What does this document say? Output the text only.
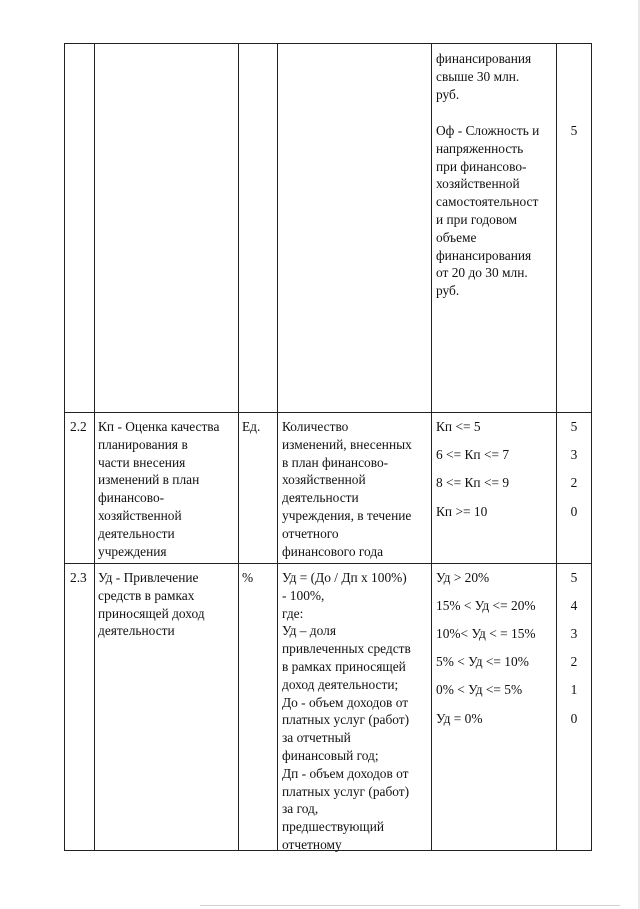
финансирования
свыше 30 млн.
руб.
Оф - Сложность и
напряженность
при финансово-
хозяйственной
самостоятельност
и при годовом
объеме
финансирования
от 20 до 30 млн.
руб.
5
2.2 Кп - Оценка качества
планирования в
части внесения
изменений в план
финансово-
хозяйственной
деятельности
учреждения
Ед.	Количество
изменений, внесенных
в план финансово-
хозяйственной
деятельности
учреждения, в течение
отчетного
финансового года
Кп <= 5
6 <= Кп <= 7
8 <= Кп <= 9
Кп >= 10
5
3
2
0
2.3 Уд - Привлечение
средств в рамках
приносящей доход
деятельности
%	Уд = (До / Дп х 100%)
- 100%,
где:
Уд – доля
привлеченных средств
в рамках приносящей
доход деятельности;
До - объем доходов от
платных услуг (работ)
за отчетный
финансовый год;
Дп - объем доходов от
платных услуг (работ)
за год,
предшествующий
отчетному
Уд > 20%
15% < Уд <= 20%
10%< Уд < = 15%
5% < Уд <= 10%
0% < Уд <= 5%
Уд = 0%
5
4
3
2
1
0
